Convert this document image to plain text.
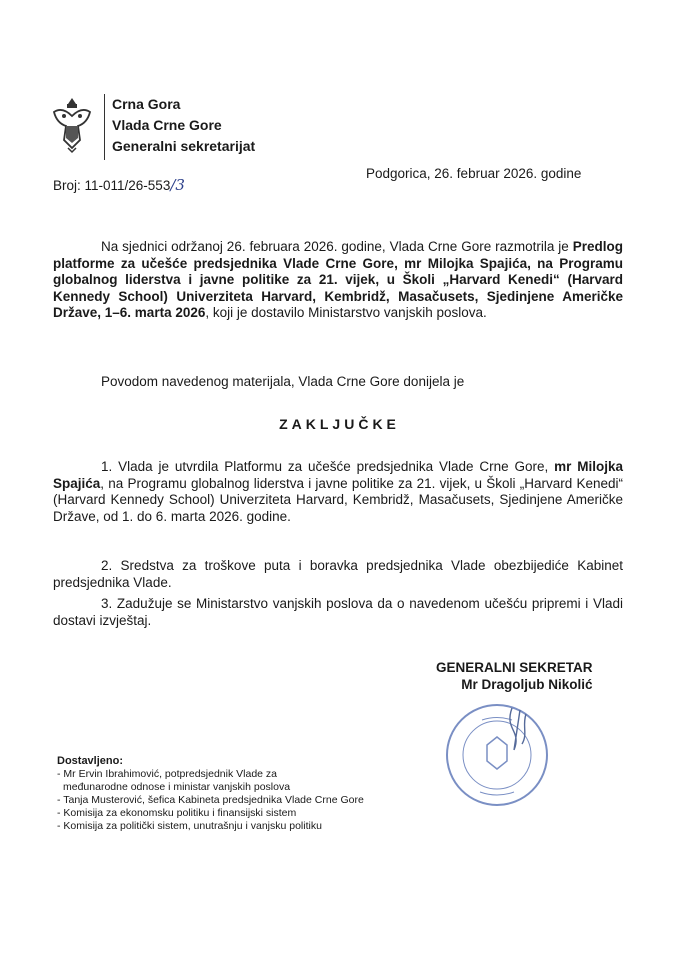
Crna Gora
Vlada Crne Gore
Generalni sekretarijat
Podgorica, 26. februar 2026. godine
Broj: 11-011/26-553/3
Na sjednici održanoj 26. februara 2026. godine, Vlada Crne Gore razmotrila je Predlog platforme za učešće predsjednika Vlade Crne Gore, mr Milojka Spajića, na Programu globalnog liderstva i javne politike za 21. vijek, u Školi „Harvard Kenedi“ (Harvard Kennedy School) Univerziteta Harvard, Kembridž, Masačusets, Sjedinjene Američke Države, 1–6. marta 2026, koji je dostavilo Ministarstvo vanjskih poslova.
Povodom navedenog materijala, Vlada Crne Gore donijela je
ZAKLJUČKE
1. Vlada je utvrdila Platformu za učešće predsjednika Vlade Crne Gore, mr Milojka Spajića, na Programu globalnog liderstva i javne politike za 21. vijek, u Školi „Harvard Kenedi“ (Harvard Kennedy School) Univerziteta Harvard, Kembridž, Masačusets, Sjedinjene Američke Države, od 1. do 6. marta 2026. godine.
2. Sredstva za troškove puta i boravka predsjednika Vlade obezbijediće Kabinet predsjednika Vlade.
3. Zadužuje se Ministarstvo vanjskih poslova da o navedenom učešću pripremi i Vladi dostavi izvještaj.
GENERALNI SEKRETAR
Mr Dragoljub Nikolić
Dostavljeno:
- Mr Ervin Ibrahimović, potpredsjednik Vlade za
međunarodne odnose i ministar vanjskih poslova
- Tanja Musterović, šefica Kabineta predsjednika Vlade Crne Gore
- Komisija za ekonomsku politiku i finansijski sistem
- Komisija za politički sistem, unutrašnju i vanjsku politiku
